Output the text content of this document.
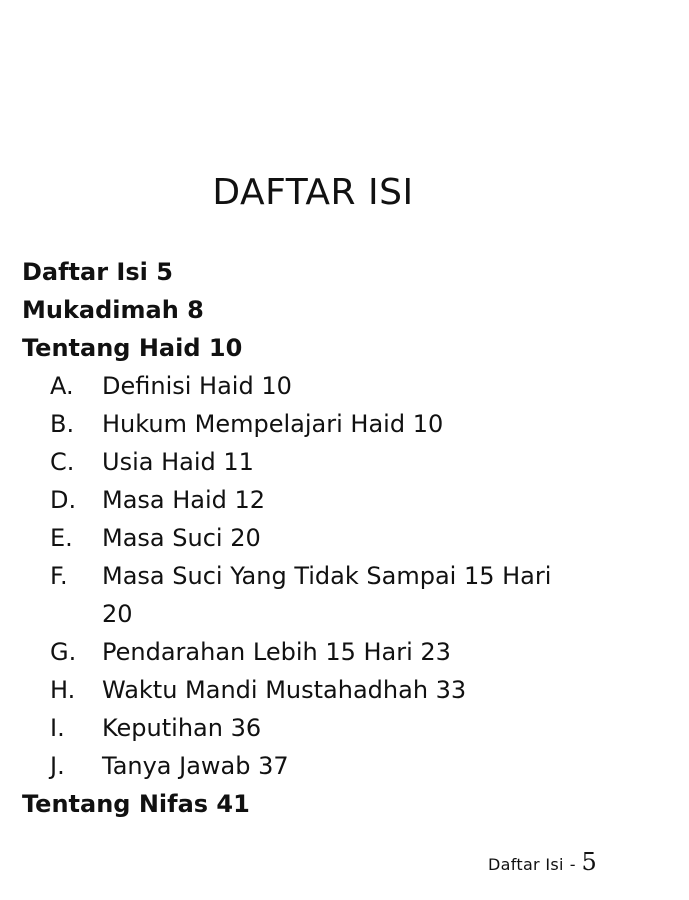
DAFTAR ISI
Daftar Isi 5
Mukadimah 8
Tentang Haid 10
A.	Definisi Haid 10
B.	Hukum Mempelajari Haid 10
C.	Usia Haid 11
D.	Masa Haid 12
E.	Masa Suci 20
F.	Masa Suci Yang Tidak Sampai 15 Hari 20
G.	Pendarahan Lebih 15 Hari 23
H.	Waktu Mandi Mustahadhah 33
I.	Keputihan 36
J.	Tanya Jawab 37
Tentang Nifas 41
Daftar Isi - 5
